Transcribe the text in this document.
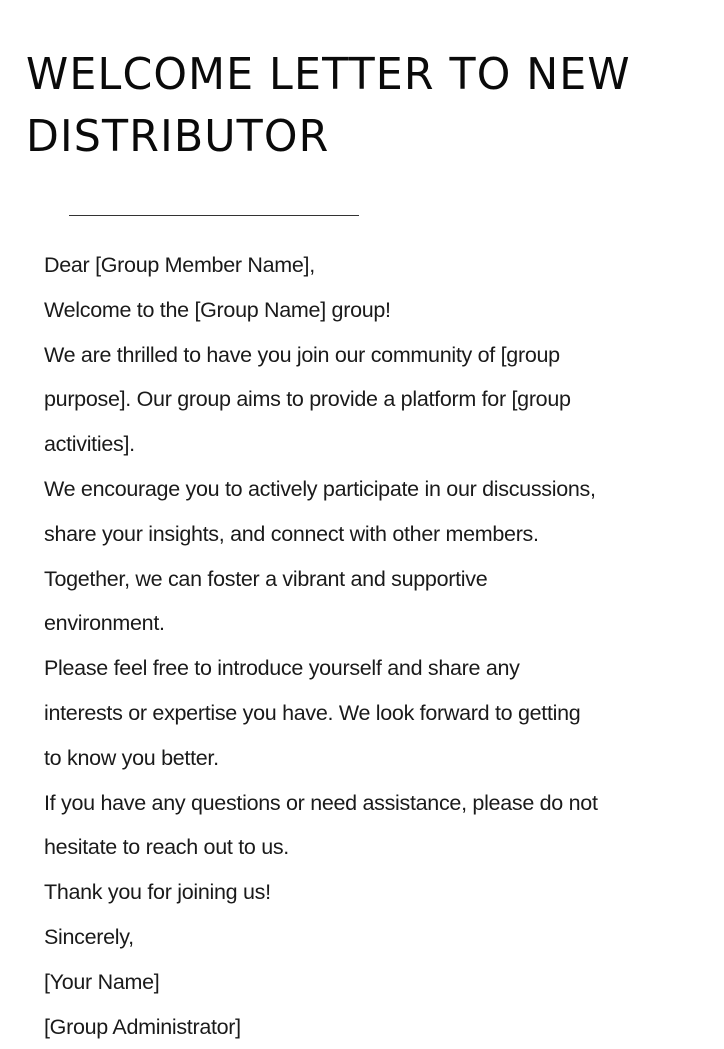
WELCOME LETTER TO NEW
DISTRIBUTOR
Dear [Group Member Name],
Welcome to the [Group Name] group!
We are thrilled to have you join our community of [group
purpose]. Our group aims to provide a platform for [group
activities].
We encourage you to actively participate in our discussions,
share your insights, and connect with other members.
Together, we can foster a vibrant and supportive
environment.
Please feel free to introduce yourself and share any
interests or expertise you have. We look forward to getting
to know you better.
If you have any questions or need assistance, please do not
hesitate to reach out to us.
Thank you for joining us!
Sincerely,
[Your Name]
[Group Administrator]
